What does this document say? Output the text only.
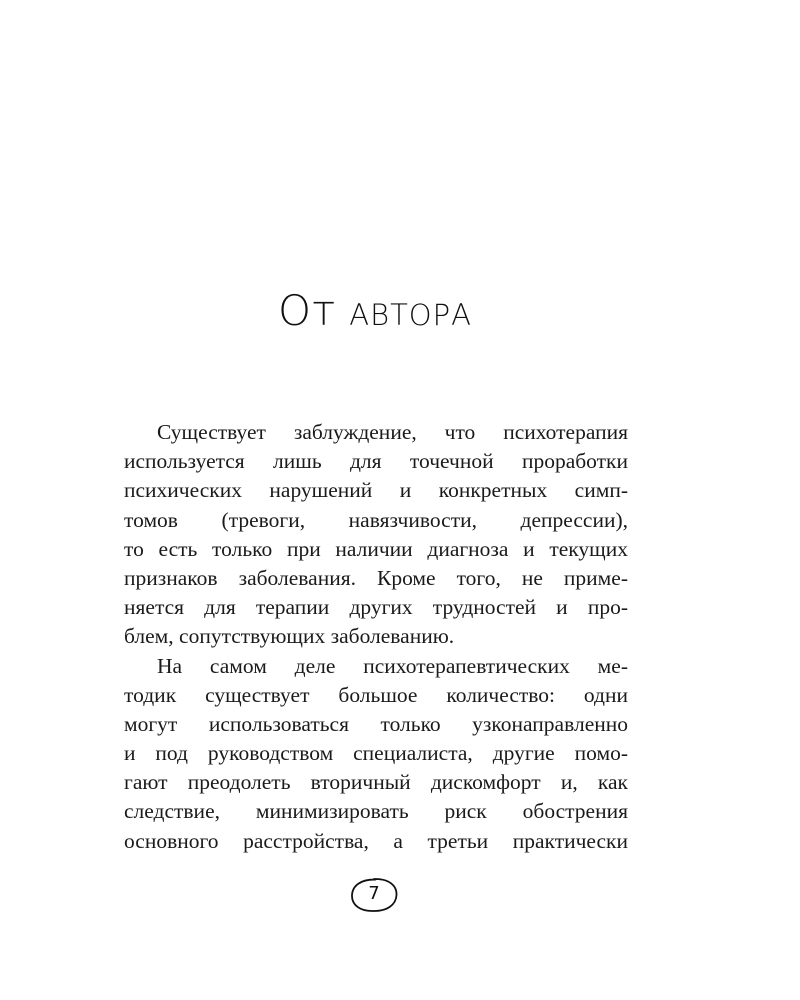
От автора
Существует заблуждение, что психотерапия
используется лишь для точечной проработки
психических нарушений и конкретных симп-
томов (тревоги, навязчивости, депрессии),
то есть только при наличии диагноза и текущих
признаков заболевания. Кроме того, не приме-
няется для терапии других трудностей и про-
блем, сопутствующих заболеванию.
На самом деле психотерапевтических ме-
тодик существует большое количество: одни
могут использоваться только узконаправленно
и под руководством специалиста, другие помо-
гают преодолеть вторичный дискомфорт и, как
следствие, минимизировать риск обострения
основного расстройства, а третьи практически
7
